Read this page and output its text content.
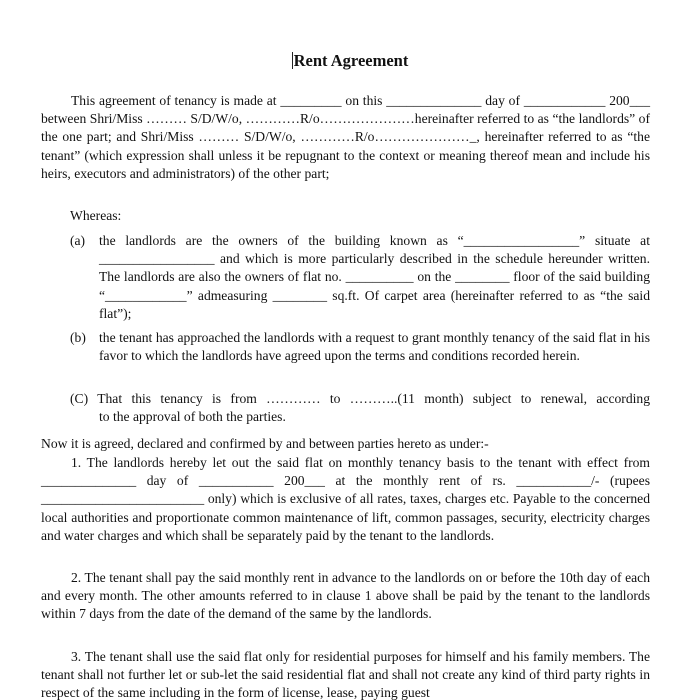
Rent Agreement
This agreement of tenancy is made at _________ on this ______________ day of ____________ 200___ between Shri/Miss ……… S/D/W/o, …………R/o…………………hereinafter referred to as “the landlords” of the one part; and Shri/Miss ……… S/D/W/o, …………R/o…………………_, hereinafter referred to as “the tenant” (which expression shall unless it be repugnant to the context or meaning thereof mean and include his heirs, executors and administrators) of the other part;
Whereas:
(a) the landlords are the owners of the building known as “_________________” situate at _________________ and which is more particularly described in the schedule hereunder written. The landlords are also the owners of flat no. __________ on the ________ floor of the said building “____________” admeasuring ________ sq.ft. Of carpet area (hereinafter referred to as “the said flat”);
(b) the tenant has approached the landlords with a request to grant monthly tenancy of the said flat in his favor to which the landlords have agreed upon the terms and conditions recorded herein.
(C) That this tenancy is from ………… to ………..(11 month) subject to renewal, according
to the approval of both the parties.
Now it is agreed, declared and confirmed by and between parties hereto as under:-
1. The landlords hereby let out the said flat on monthly tenancy basis to the tenant with effect from ______________ day of ___________ 200___ at the monthly rent of rs. ___________/- (rupees ________________________ only) which is exclusive of all rates, taxes, charges etc. Payable to the concerned local authorities and proportionate common maintenance of lift, common passages, security, electricity charges and water charges and which shall be separately paid by the tenant to the landlords.
2. The tenant shall pay the said monthly rent in advance to the landlords on or before the 10th day of each and every month. The other amounts referred to in clause 1 above shall be paid by the tenant to the landlords within 7 days from the date of the demand of the same by the landlords.
3. The tenant shall use the said flat only for residential purposes for himself and his family members. The tenant shall not further let or sub-let the said residential flat and shall not create any kind of third party rights in respect of the same including in the form of license, lease, paying guest
